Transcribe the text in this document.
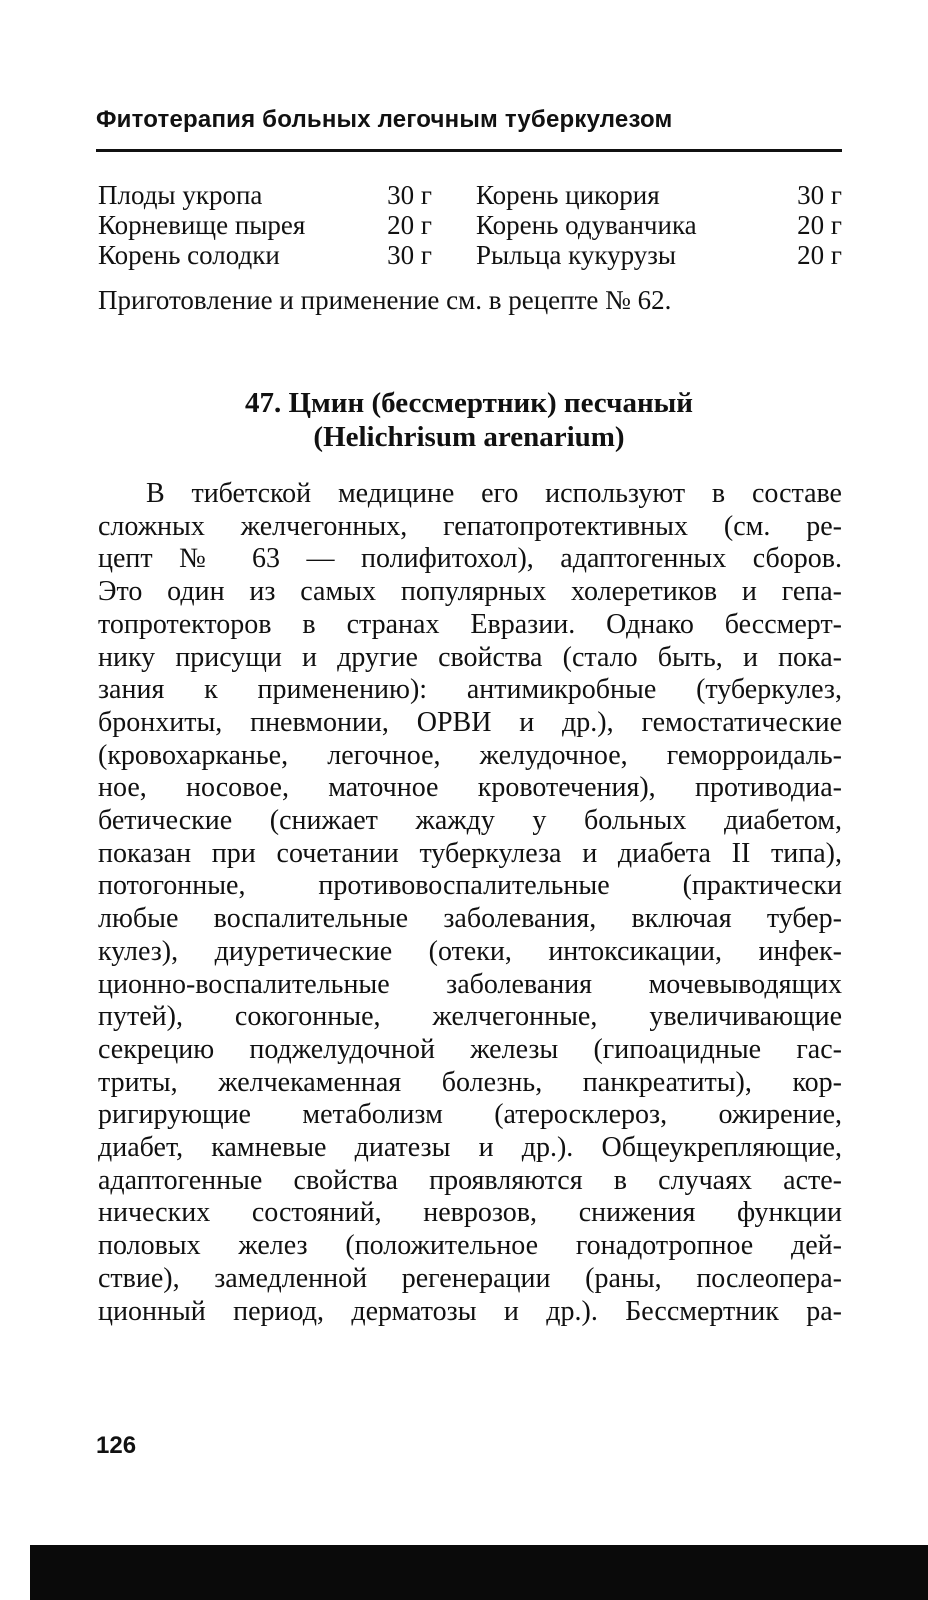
Фитотерапия больных легочным туберкулезом
Плоды укропа	30 г	Корень цикория	30 г
Корневище пырея	20 г	Корень одуванчика	20 г
Корень солодки	30 г	Рыльца кукурузы	20 г
Приготовление и применение см. в рецепте № 62.
47. Цмин (бессмертник) песчаный
(Helichrisum arenarium)
В тибетской медицине его используют в составе
сложных желчегонных, гепатопротективных (см. ре-
цепт № 63 — полифитохол), адаптогенных сборов.
Это один из самых популярных холеретиков и гепа-
топротекторов в странах Евразии. Однако бессмерт-
нику присущи и другие свойства (стало быть, и пока-
зания к применению): антимикробные (туберкулез,
бронхиты, пневмонии, ОРВИ и др.), гемостатические
(кровохарканье, легочное, желудочное, геморроидаль-
ное, носовое, маточное кровотечения), противодиа-
бетические (снижает жажду у больных диабетом,
показан при сочетании туберкулеза и диабета II типа),
потогонные, противовоспалительные (практически
любые воспалительные заболевания, включая тубер-
кулез), диуретические (отеки, интоксикации, инфек-
ционно-воспалительные заболевания мочевыводящих
путей), сокогонные, желчегонные, увеличивающие
секрецию поджелудочной железы (гипоацидные гас-
триты, желчекаменная болезнь, панкреатиты), кор-
ригирующие метаболизм (атеросклероз, ожирение,
диабет, камневые диатезы и др.). Общеукрепляющие,
адаптогенные свойства проявляются в случаях асте-
нических состояний, неврозов, снижения функции
половых желез (положительное гонадотропное дей-
ствие), замедленной регенерации (раны, послеопера-
ционный период, дерматозы и др.). Бессмертник ра-
126
